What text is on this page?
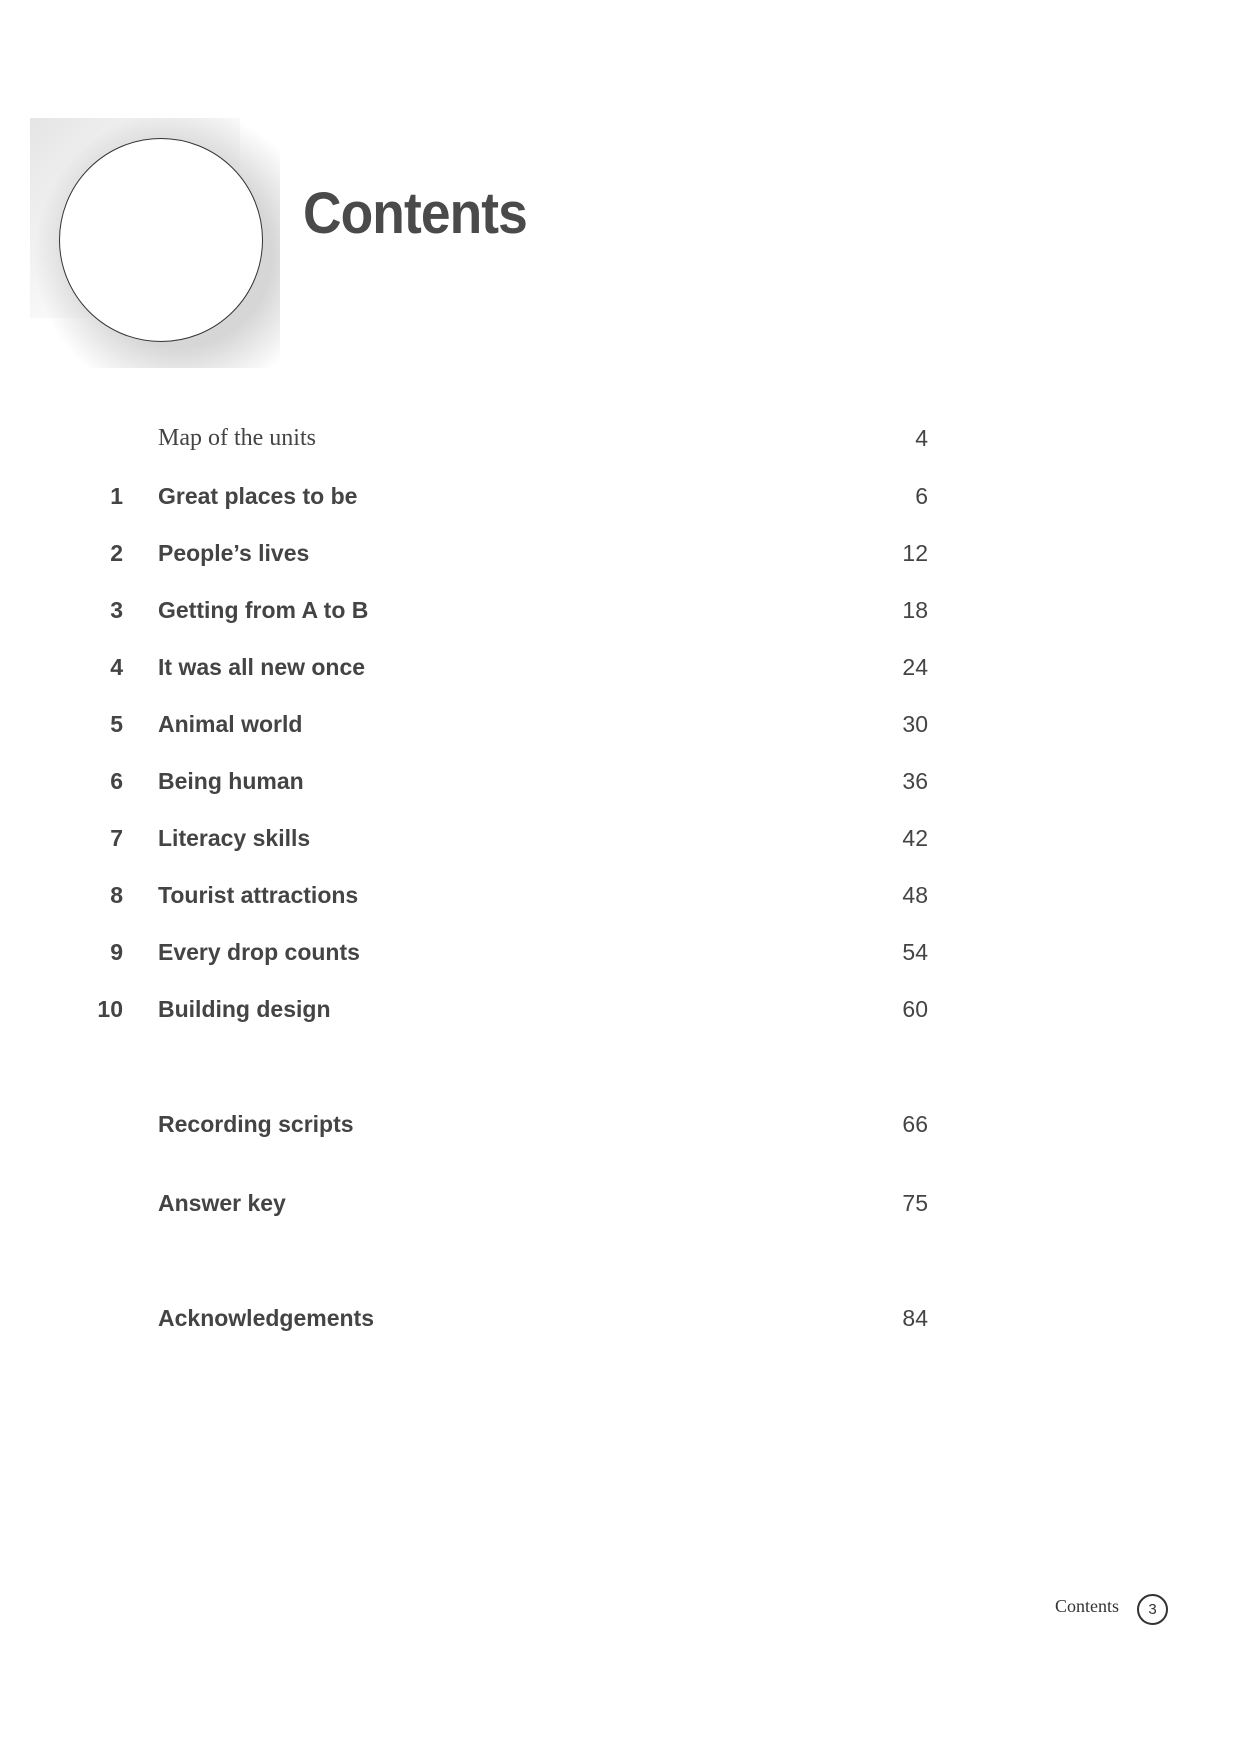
Contents
Map of the units	4
1 Great places to be	6
2 People’s lives	12
3 Getting from A to B	18
4 It was all new once	24
5 Animal world	30
6 Being human	36
7 Literacy skills	42
8 Tourist attractions	48
9 Every drop counts	54
10 Building design	60
Recording scripts	66
Answer key	75
Acknowledgements	84
Contents	3
